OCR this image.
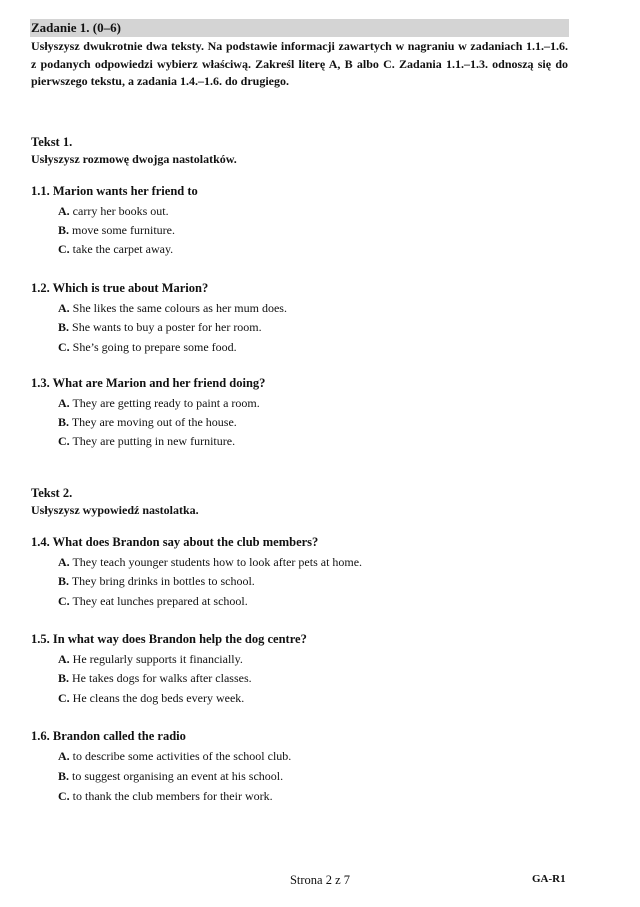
Zadanie 1. (0–6)
Usłyszysz dwukrotnie dwa teksty. Na podstawie informacji zawartych w nagraniu w zadaniach 1.1.–1.6. z podanych odpowiedzi wybierz właściwą. Zakreśl literę A, B albo C. Zadania 1.1.–1.3. odnoszą się do pierwszego tekstu, a zadania 1.4.–1.6. do drugiego.
Tekst 1.
Usłyszysz rozmowę dwojga nastolatków.
1.1. Marion wants her friend to
A. carry her books out.
B. move some furniture.
C. take the carpet away.
1.2. Which is true about Marion?
A. She likes the same colours as her mum does.
B. She wants to buy a poster for her room.
C. She’s going to prepare some food.
1.3. What are Marion and her friend doing?
A. They are getting ready to paint a room.
B. They are moving out of the house.
C. They are putting in new furniture.
Tekst 2.
Usłyszysz wypowiedź nastolatka.
1.4. What does Brandon say about the club members?
A. They teach younger students how to look after pets at home.
B. They bring drinks in bottles to school.
C. They eat lunches prepared at school.
1.5. In what way does Brandon help the dog centre?
A. He regularly supports it financially.
B. He takes dogs for walks after classes.
C. He cleans the dog beds every week.
1.6. Brandon called the radio
A. to describe some activities of the school club.
B. to suggest organising an event at his school.
C. to thank the club members for their work.
Strona 2 z 7	GA-R1
